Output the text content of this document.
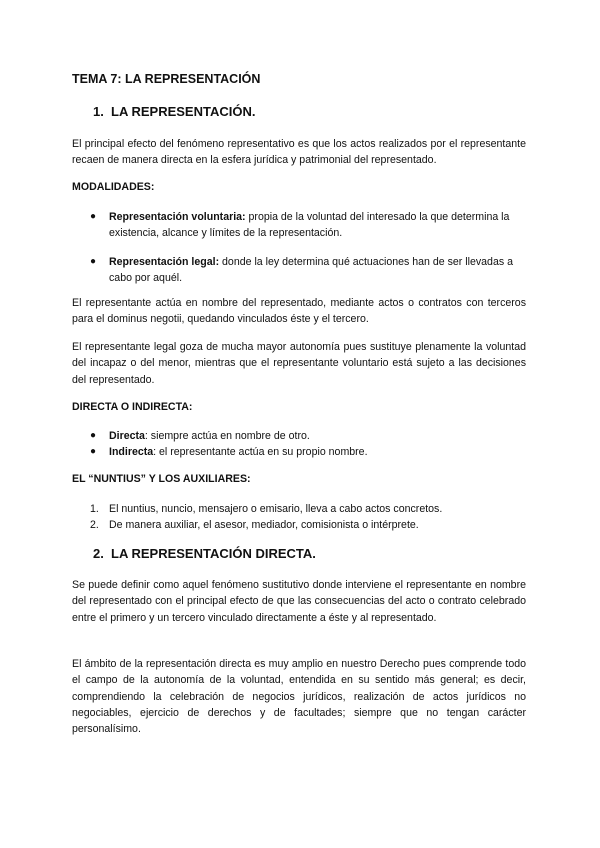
TEMA 7: LA REPRESENTACIÓN
1. LA REPRESENTACIÓN.
El principal efecto del fenómeno representativo es que los actos realizados por el representante recaen de manera directa en la esfera jurídica y patrimonial del representado.
MODALIDADES:
● Representación voluntaria: propia de la voluntad del interesado la que determina la existencia, alcance y límites de la representación.
● Representación legal: donde la ley determina qué actuaciones han de ser llevadas a cabo por aquél.
El representante actúa en nombre del representado, mediante actos o contratos con terceros para el dominus negotii, quedando vinculados éste y el tercero.
El representante legal goza de mucha mayor autonomía pues sustituye plenamente la voluntad del incapaz o del menor, mientras que el representante voluntario está sujeto a las decisiones del representado.
DIRECTA O INDIRECTA:
● Directa: siempre actúa en nombre de otro.
● Indirecta: el representante actúa en su propio nombre.
EL “NUNTIUS” Y LOS AUXILIARES:
1. El nuntius, nuncio, mensajero o emisario, lleva a cabo actos concretos.
2. De manera auxiliar, el asesor, mediador, comisionista o intérprete.
2. LA REPRESENTACIÓN DIRECTA.
Se puede definir como aquel fenómeno sustitutivo donde interviene el representante en nombre del representado con el principal efecto de que las consecuencias del acto o contrato celebrado entre el primero y un tercero vinculado directamente a éste y al representado.
El ámbito de la representación directa es muy amplio en nuestro Derecho pues comprende todo el campo de la autonomía de la voluntad, entendida en su sentido más general; es decir, comprendiendo la celebración de negocios jurídicos, realización de actos jurídicos no negociables, ejercicio de derechos y de facultades; siempre que no tengan carácter personalísimo.
